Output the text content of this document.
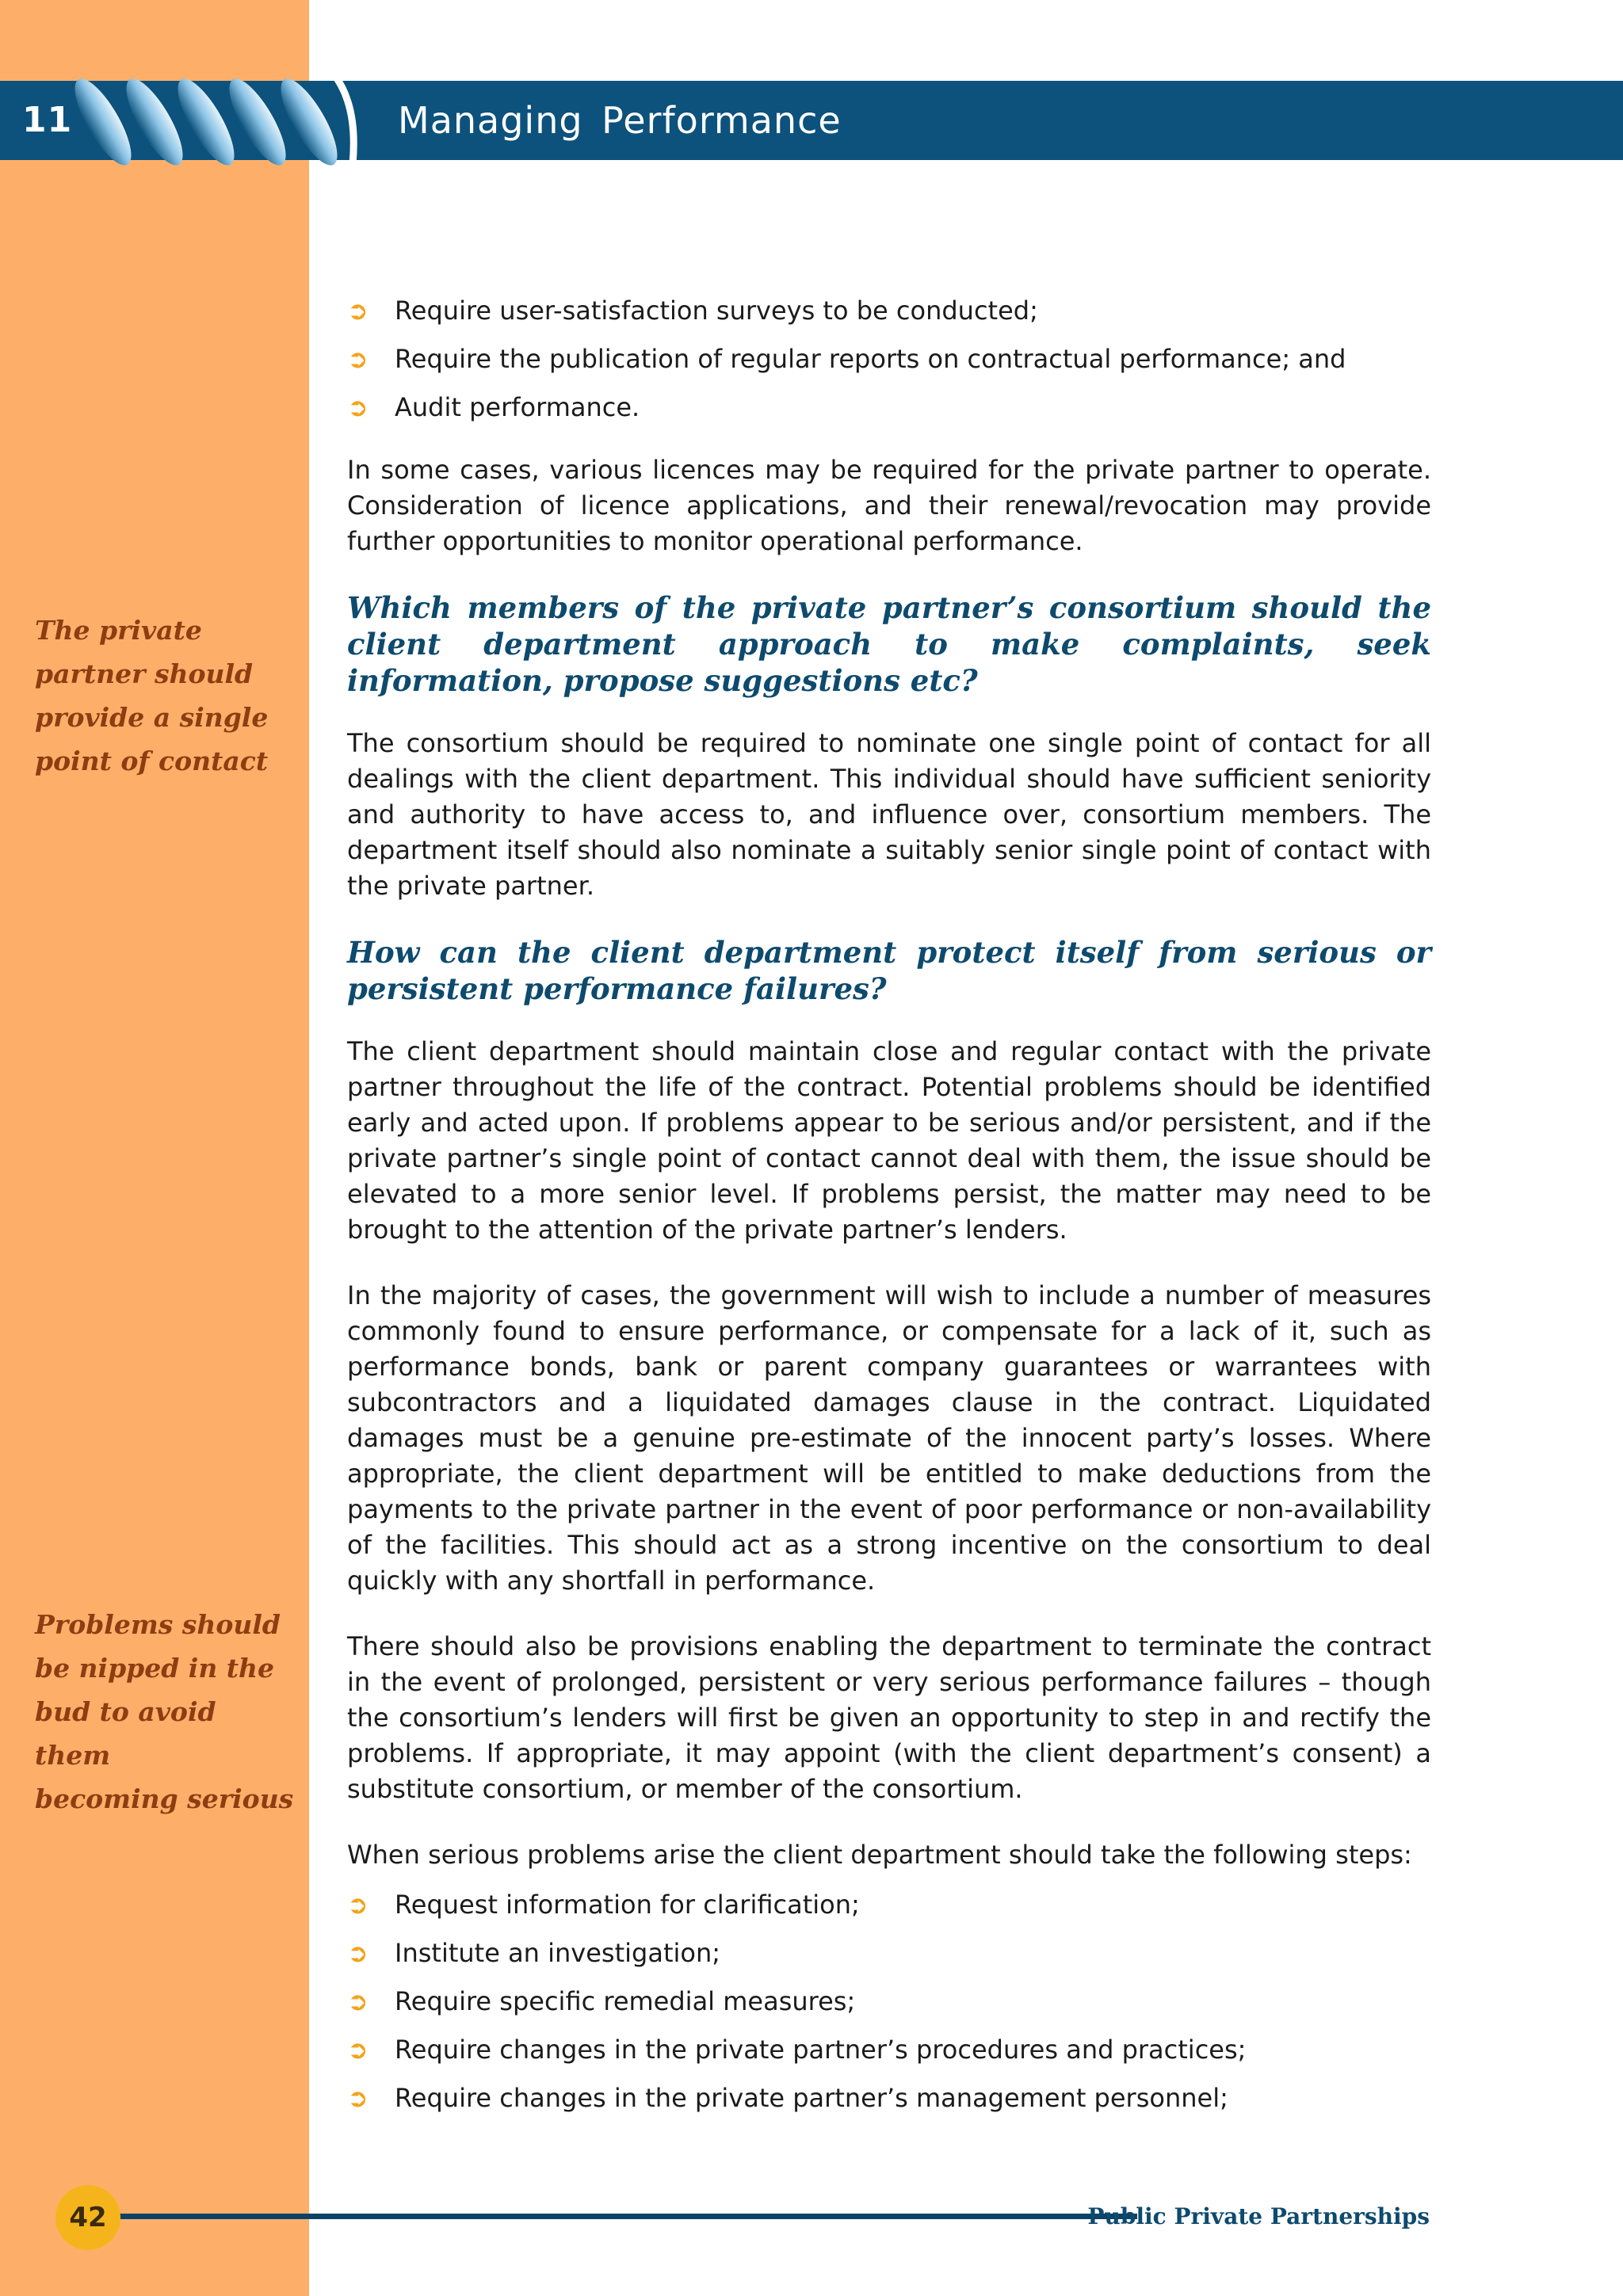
11	Managing Performance
➲ Require user-satisfaction surveys to be conducted;
➲ Require the publication of regular reports on contractual performance; and
➲ Audit performance.

In some cases, various licences may be required for the private partner to operate. Consideration of licence applications, and their renewal/revocation may provide further opportunities to monitor operational performance.

Which members of the private partner’s consortium should the client department approach to make complaints, seek information, propose suggestions etc?

The consortium should be required to nominate one single point of contact for all dealings with the client department. This individual should have sufficient seniority and authority to have access to, and influence over, consortium members. The department itself should also nominate a suitably senior single point of contact with the private partner.

How can the client department protect itself from serious or persistent performance failures?

The client department should maintain close and regular contact with the private partner throughout the life of the contract. Potential problems should be identified early and acted upon. If problems appear to be serious and/or persistent, and if the private partner’s single point of contact cannot deal with them, the issue should be elevated to a more senior level. If problems persist, the matter may need to be brought to the attention of the private partner’s lenders.

In the majority of cases, the government will wish to include a number of measures commonly found to ensure performance, or compensate for a lack of it, such as performance bonds, bank or parent company guarantees or warrantees with subcontractors and a liquidated damages clause in the contract. Liquidated damages must be a genuine pre-estimate of the innocent party’s losses. Where appropriate, the client department will be entitled to make deductions from the payments to the private partner in the event of poor performance or non-availability of the facilities. This should act as a strong incentive on the consortium to deal quickly with any shortfall in performance.

There should also be provisions enabling the department to terminate the contract in the event of prolonged, persistent or very serious performance failures – though the consortium’s lenders will first be given an opportunity to step in and rectify the problems. If appropriate, it may appoint (with the client department’s consent) a substitute consortium, or member of the consortium.

When serious problems arise the client department should take the following steps:

➲ Request information for clarification;
➲ Institute an investigation;
➲ Require specific remedial measures;
➲ Require changes in the private partner’s procedures and practices;
➲ Require changes in the private partner’s management personnel;
The private
partner should
provide a single
point of contact
Problems should
be nipped in the
bud to avoid them
becoming serious
42	Public Private Partnerships
